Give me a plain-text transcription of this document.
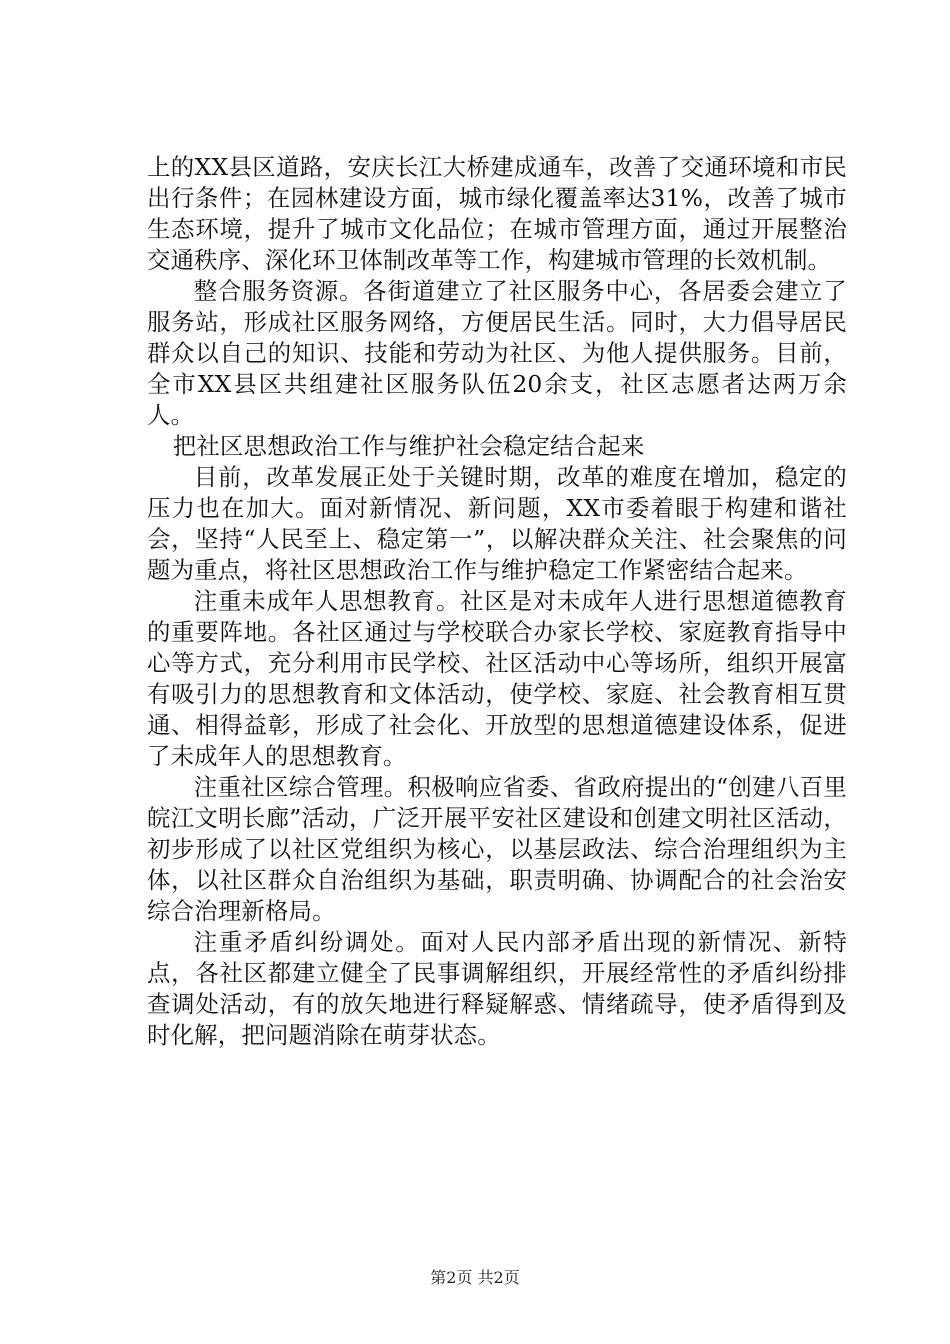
上的XX县区道路，安庆长江大桥建成通车，改善了交通环境和市民出行条件；在园林建设方面，城市绿化覆盖率达31%，改善了城市生态环境，提升了城市文化品位；在城市管理方面，通过开展整治交通秩序、深化环卫体制改革等工作，构建城市管理的长效机制。

整合服务资源。各街道建立了社区服务中心，各居委会建立了服务站，形成社区服务网络，方便居民生活。同时，大力倡导居民群众以自己的知识、技能和劳动为社区、为他人提供服务。目前，全市XX县区共组建社区服务队伍20余支，社区志愿者达两万余人。

把社区思想政治工作与维护社会稳定结合起来

目前，改革发展正处于关键时期，改革的难度在增加，稳定的压力也在加大。面对新情况、新问题，XX市委着眼于构建和谐社会，坚持“人民至上、稳定第一”，以解决群众关注、社会聚焦的问题为重点，将社区思想政治工作与维护稳定工作紧密结合起来。

注重未成年人思想教育。社区是对未成年人进行思想道德教育的重要阵地。各社区通过与学校联合办家长学校、家庭教育指导中心等方式，充分利用市民学校、社区活动中心等场所，组织开展富有吸引力的思想教育和文体活动，使学校、家庭、社会教育相互贯通、相得益彰，形成了社会化、开放型的思想道德建设体系，促进了未成年人的思想教育。

注重社区综合管理。积极响应省委、省政府提出的“创建八百里皖江文明长廊”活动，广泛开展平安社区建设和创建文明社区活动，初步形成了以社区党组织为核心，以基层政法、综合治理组织为主体，以社区群众自治组织为基础，职责明确、协调配合的社会治安综合治理新格局。

注重矛盾纠纷调处。面对人民内部矛盾出现的新情况、新特点，各社区都建立健全了民事调解组织，开展经常性的矛盾纠纷排查调处活动，有的放矢地进行释疑解惑、情绪疏导，使矛盾得到及时化解，把问题消除在萌芽状态。

第2页 共2页
